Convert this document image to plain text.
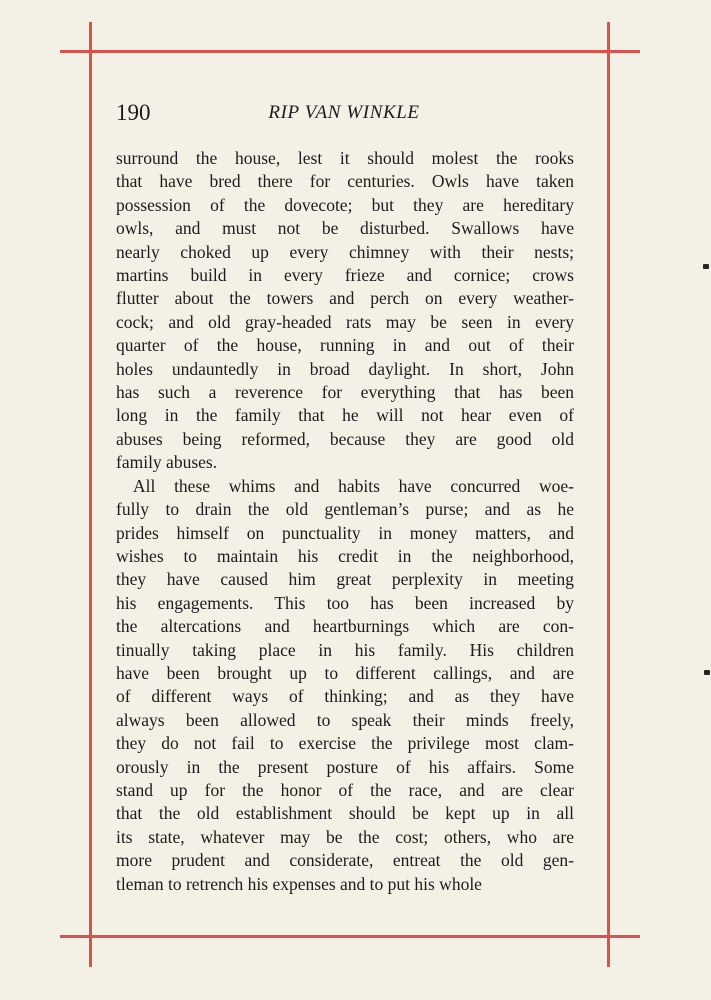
190	RIP VAN WINKLE

surround the house, lest it should molest the rooks
that have bred there for centuries. Owls have taken
possession of the dovecote; but they are hereditary
owls, and must not be disturbed. Swallows have
nearly choked up every chimney with their nests;
martins build in every frieze and cornice; crows
flutter about the towers and perch on every weather-
cock; and old gray-headed rats may be seen in every
quarter of the house, running in and out of their
holes undauntedly in broad daylight. In short, John
has such a reverence for everything that has been
long in the family that he will not hear even of
abuses being reformed, because they are good old
family abuses.

All these whims and habits have concurred woe-
fully to drain the old gentleman’s purse; and as he
prides himself on punctuality in money matters, and
wishes to maintain his credit in the neighborhood,
they have caused him great perplexity in meeting
his engagements. This too has been increased by
the altercations and heartburnings which are con-
tinually taking place in his family. His children
have been brought up to different callings, and are
of different ways of thinking; and as they have
always been allowed to speak their minds freely,
they do not fail to exercise the privilege most clam-
orously in the present posture of his affairs. Some
stand up for the honor of the race, and are clear
that the old establishment should be kept up in all
its state, whatever may be the cost; others, who are
more prudent and considerate, entreat the old gen-
tleman to retrench his expenses and to put his whole
